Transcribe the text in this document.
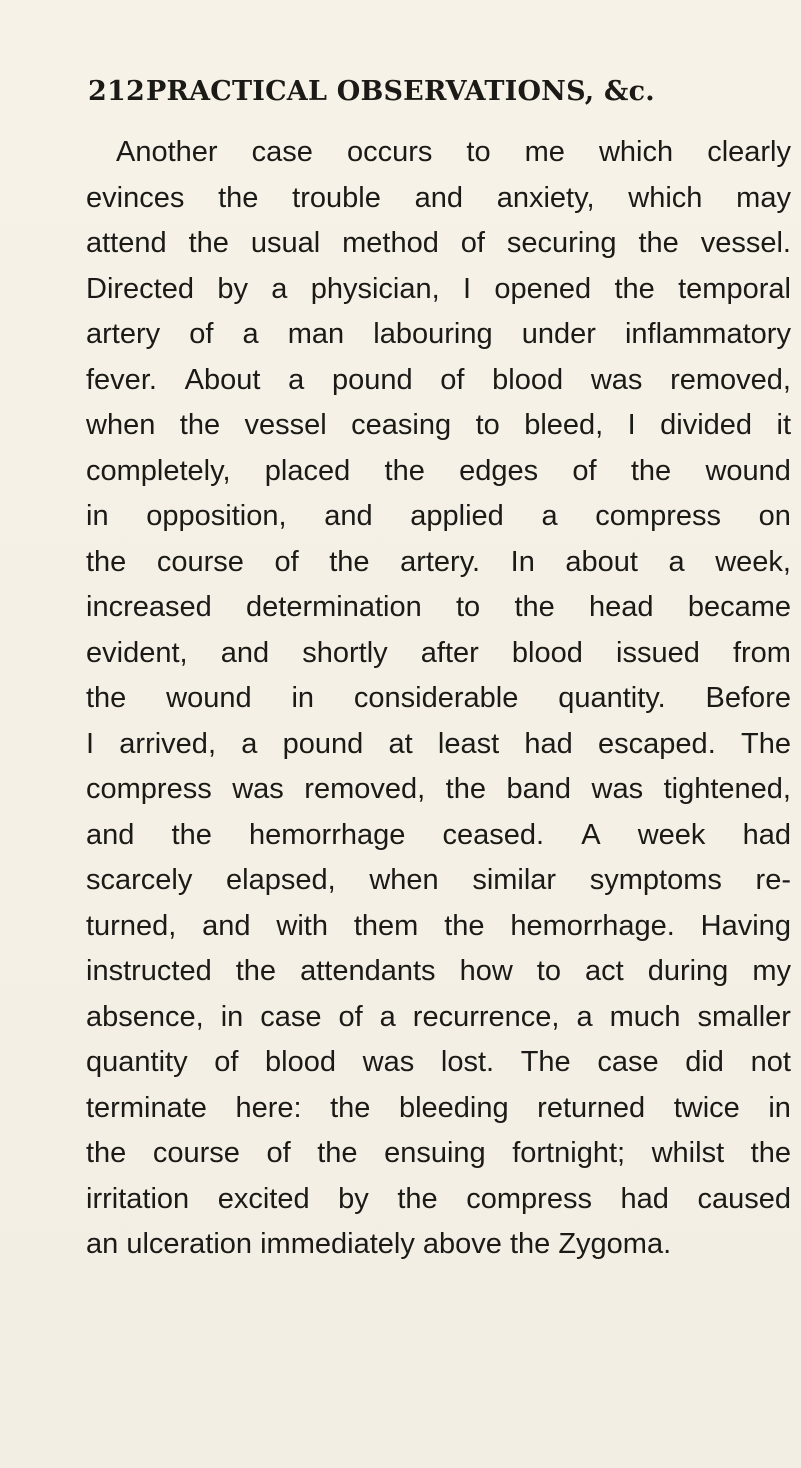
212 PRACTICAL OBSERVATIONS, &c.
Another case occurs to me which clearly
evinces the trouble and anxiety, which may
attend the usual method of securing the vessel.
Directed by a physician, I opened the temporal
artery of a man labouring under inflammatory
fever. About a pound of blood was removed,
when the vessel ceasing to bleed, I divided it
completely, placed the edges of the wound
in opposition, and applied a compress on
the course of the artery. In about a week,
increased determination to the head became
evident, and shortly after blood issued from
the wound in considerable quantity. Before
I arrived, a pound at least had escaped. The
compress was removed, the band was tightened,
and the hemorrhage ceased. A week had
scarcely elapsed, when similar symptoms re-
turned, and with them the hemorrhage. Having
instructed the attendants how to act during my
absence, in case of a recurrence, a much smaller
quantity of blood was lost. The case did not
terminate here: the bleeding returned twice in
the course of the ensuing fortnight; whilst the
irritation excited by the compress had caused
an ulceration immediately above the Zygoma.
